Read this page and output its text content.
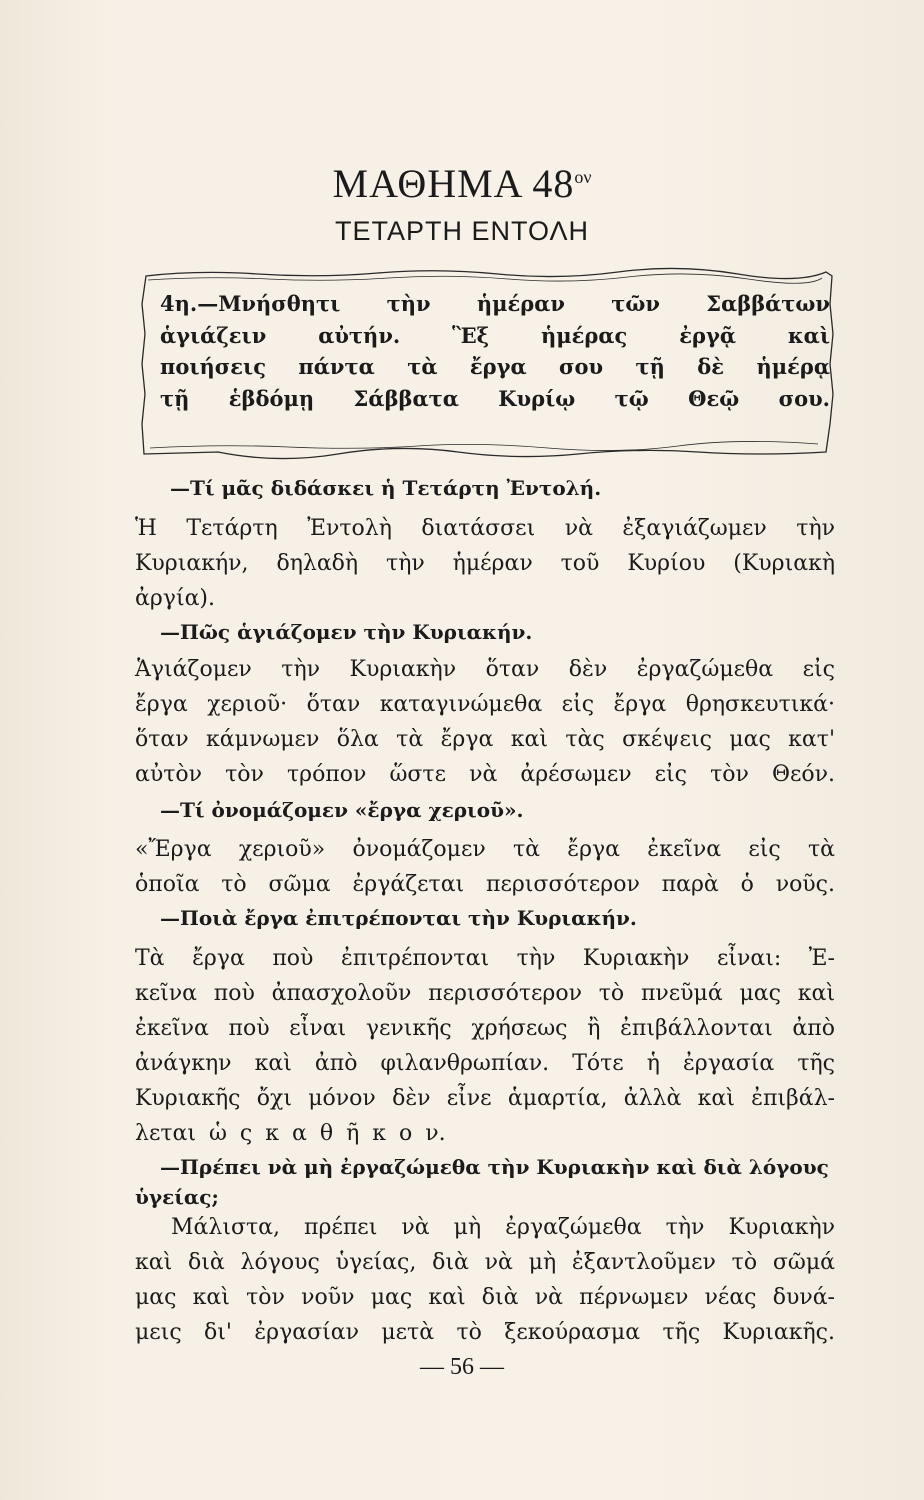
ΜΑΘΗΜΑ $48^{o\nu}$
ΤΕΤΑΡΤΗ ΕΝΤΟΛΗ
4η.—Μνήσθητι τὴν ἡμέραν τῶν Σαββάτων
ἁγιάζειν αὐτήν. Ἓξ ἡμέρας ἐργᾷ καὶ
ποιήσεις πάντα τὰ ἔργα σου τῇ δὲ ἡμέρᾳ
τῇ ἑβδόμῃ Σάββατα Κυρίῳ τῷ Θεῷ σου.
—Τί μᾶς διδάσκει ἡ Τετάρτη Ἐντολή.
Ἡ Τετάρτη Ἐντολὴ διατάσσει νὰ ἐξαγιάζωμεν τὴν
Κυριακήν, δηλαδὴ τὴν ἡμέραν τοῦ Κυρίου (Κυριακὴ
ἀργία).
—Πῶς ἁγιάζομεν τὴν Κυριακήν.
Ἁγιάζομεν τὴν Κυριακὴν ὅταν δὲν ἐργαζώμεθα εἰς
ἔργα χεριοῦ· ὅταν καταγινώμεθα εἰς ἔργα θρησκευτικά·
ὅταν κάμνωμεν ὅλα τὰ ἔργα καὶ τὰς σκέψεις μας κατ'
αὐτὸν τὸν τρόπον ὥστε νὰ ἀρέσωμεν εἰς τὸν Θεόν.
—Τί ὀνομάζομεν «ἔργα χεριοῦ».
«Ἔργα χεριοῦ» ὀνομάζομεν τὰ ἔργα ἐκεῖνα εἰς τὰ
ὁποῖα τὸ σῶμα ἐργάζεται περισσότερον παρὰ ὁ νοῦς.
—Ποιὰ ἔργα ἐπιτρέπονται τὴν Κυριακήν.
Τὰ ἔργα ποὺ ἐπιτρέπονται τὴν Κυριακὴν εἶναι: Ἐ-
κεῖνα ποὺ ἀπασχολοῦν περισσότερον τὸ πνεῦμά μας καὶ
ἐκεῖνα ποὺ εἶναι γενικῆς χρήσεως ἢ ἐπιβάλλονται ἀπὸ
ἀνάγκην καὶ ἀπὸ φιλανθρωπίαν. Τότε ἡ ἐργασία τῆς
Κυριακῆς ὄχι μόνον δὲν εἶνε ἁμαρτία, ἀλλὰ καὶ ἐπιβάλ-
λεται ὡ ς κ α θ ῆ κ ο ν.
—Πρέπει νὰ μὴ ἐργαζώμεθα τὴν Κυριακὴν καὶ διὰ λόγους ὑγείας;
Μάλιστα, πρέπει νὰ μὴ ἐργαζώμεθα τὴν Κυριακὴν
καὶ διὰ λόγους ὑγείας, διὰ νὰ μὴ ἐξαντλοῦμεν τὸ σῶμά
μας καὶ τὸν νοῦν μας καὶ διὰ νὰ πέρνωμεν νέας δυνά-
μεις δι' ἐργασίαν μετὰ τὸ ξεκούρασμα τῆς Κυριακῆς.
— 56 —
